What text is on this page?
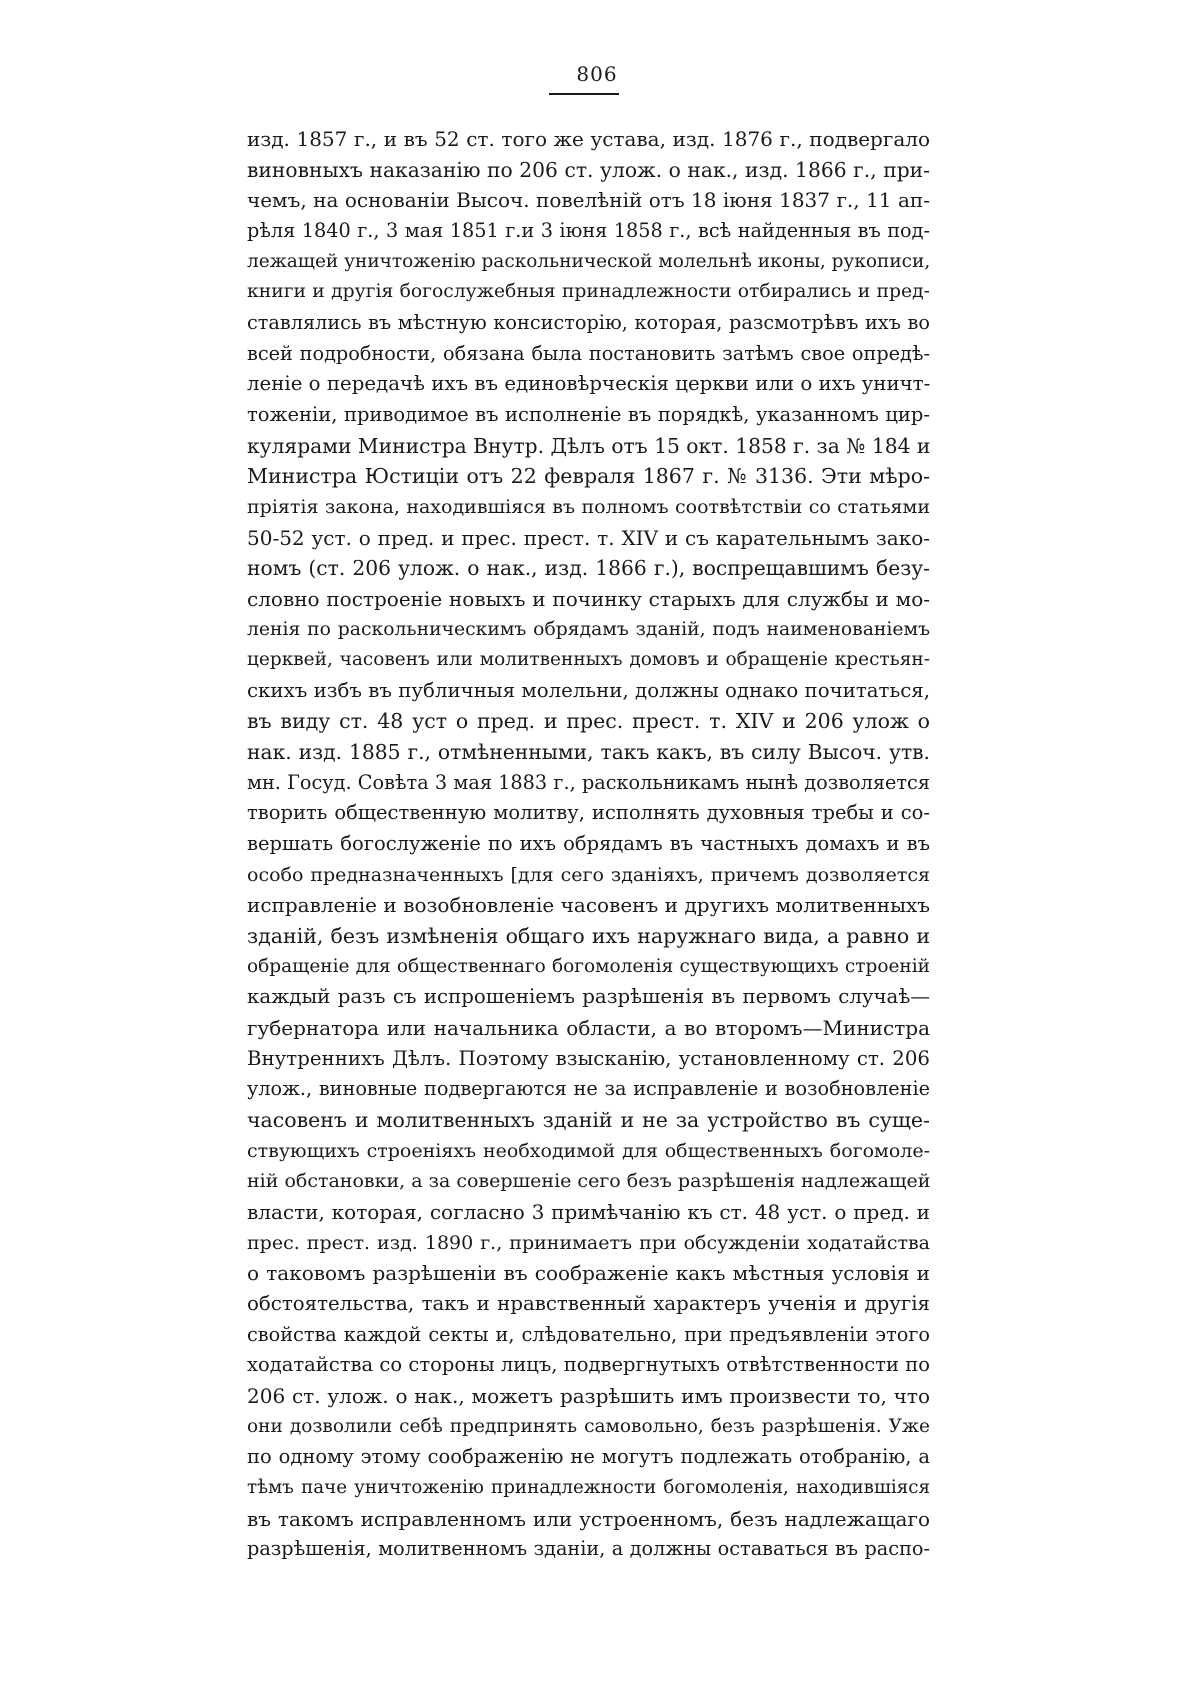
806
изд. 1857 г., и въ 52 ст. того же устава, изд. 1876 г., подвергало
виновныхъ наказанію по 206 ст. улож. о нак., изд. 1866 г., при-
чемъ, на основаніи Высоч. повелѣній отъ 18 іюня 1837 г., 11 ап-
рѣля 1840 г., 3 мая 1851 г.и 3 іюня 1858 г., всѣ найденныя въ под-
лежащей уничтоженію раскольнической молельнѣ иконы, рукописи,
книги и другія богослужебныя принадлежности отбирались и пред-
ставлялись въ мѣстную консисторію, которая, разсмотрѣвъ ихъ во
всей подробности, обязана была постановить затѣмъ свое опредѣ-
леніе о передачѣ ихъ въ единовѣрческія церкви или о ихъ уничт-
тоженіи, приводимое въ исполненіе въ порядкѣ, указанномъ цир-
кулярами Министра Внутр. Дѣлъ отъ 15 окт. 1858 г. за № 184 и
Министра Юстиціи отъ 22 февраля 1867 г. № 3136. Эти мѣро-
пріятія закона, находившіяся въ полномъ соотвѣтствіи со статьями
50-52 уст. о пред. и прес. прест. т. XIV и съ карательнымъ зако-
номъ (ст. 206 улож. о нак., изд. 1866 г.), воспрещавшимъ безу-
словно построеніе новыхъ и починку старыхъ для службы и мо-
ленія по раскольническимъ обрядамъ зданій, подъ наименованіемъ
церквей, часовенъ или молитвенныхъ домовъ и обращеніе крестьян-
скихъ избъ въ публичныя молельни, должны однако почитаться,
въ виду ст. 48 уст о пред. и прес. прест. т. XIV и 206 улож о
нак. изд. 1885 г., отмѣненными, такъ какъ, въ силу Высоч. утв.
мн. Госуд. Совѣта 3 мая 1883 г., раскольникамъ нынѣ дозволяется
творить общественную молитву, исполнять духовныя требы и со-
вершать богослуженіе по ихъ обрядамъ въ частныхъ домахъ и въ
особо предназначенныхъ [для сего зданіяхъ, причемъ дозволяется
исправленіе и возобновленіе часовенъ и другихъ молитвенныхъ
зданій, безъ измѣненія общаго ихъ наружнаго вида, а равно и
обращеніе для общественнаго богомоленія существующихъ строеній
каждый разъ съ испрошеніемъ разрѣшенія въ первомъ случаѣ—
губернатора или начальника области, а во второмъ—Министра
Внутреннихъ Дѣлъ. Поэтому взысканію, установленному ст. 206
улож., виновные подвергаются не за исправленіе и возобновленіе
часовенъ и молитвенныхъ зданій и не за устройство въ суще-
ствующихъ строеніяхъ необходимой для общественныхъ богомоле-
ній обстановки, а за совершеніе сего безъ разрѣшенія надлежащей
власти, которая, согласно 3 примѣчанію къ ст. 48 уст. о пред. и
прес. прест. изд. 1890 г., принимаетъ при обсужденіи ходатайства
о таковомъ разрѣшеніи въ соображеніе какъ мѣстныя условія и
обстоятельства, такъ и нравственный характеръ ученія и другія
свойства каждой секты и, слѣдовательно, при предъявленіи этого
ходатайства со стороны лицъ, подвергнутыхъ отвѣтственности по
206 ст. улож. о нак., можетъ разрѣшить имъ произвести то, что
они дозволили себѣ предпринять самовольно, безъ разрѣшенія. Уже
по одному этому соображенію не могутъ подлежать отобранію, а
тѣмъ паче уничтоженію принадлежности богомоленія, находившіяся
въ такомъ исправленномъ или устроенномъ, безъ надлежащаго
разрѣшенія, молитвенномъ зданіи, а должны оставаться въ распо-
